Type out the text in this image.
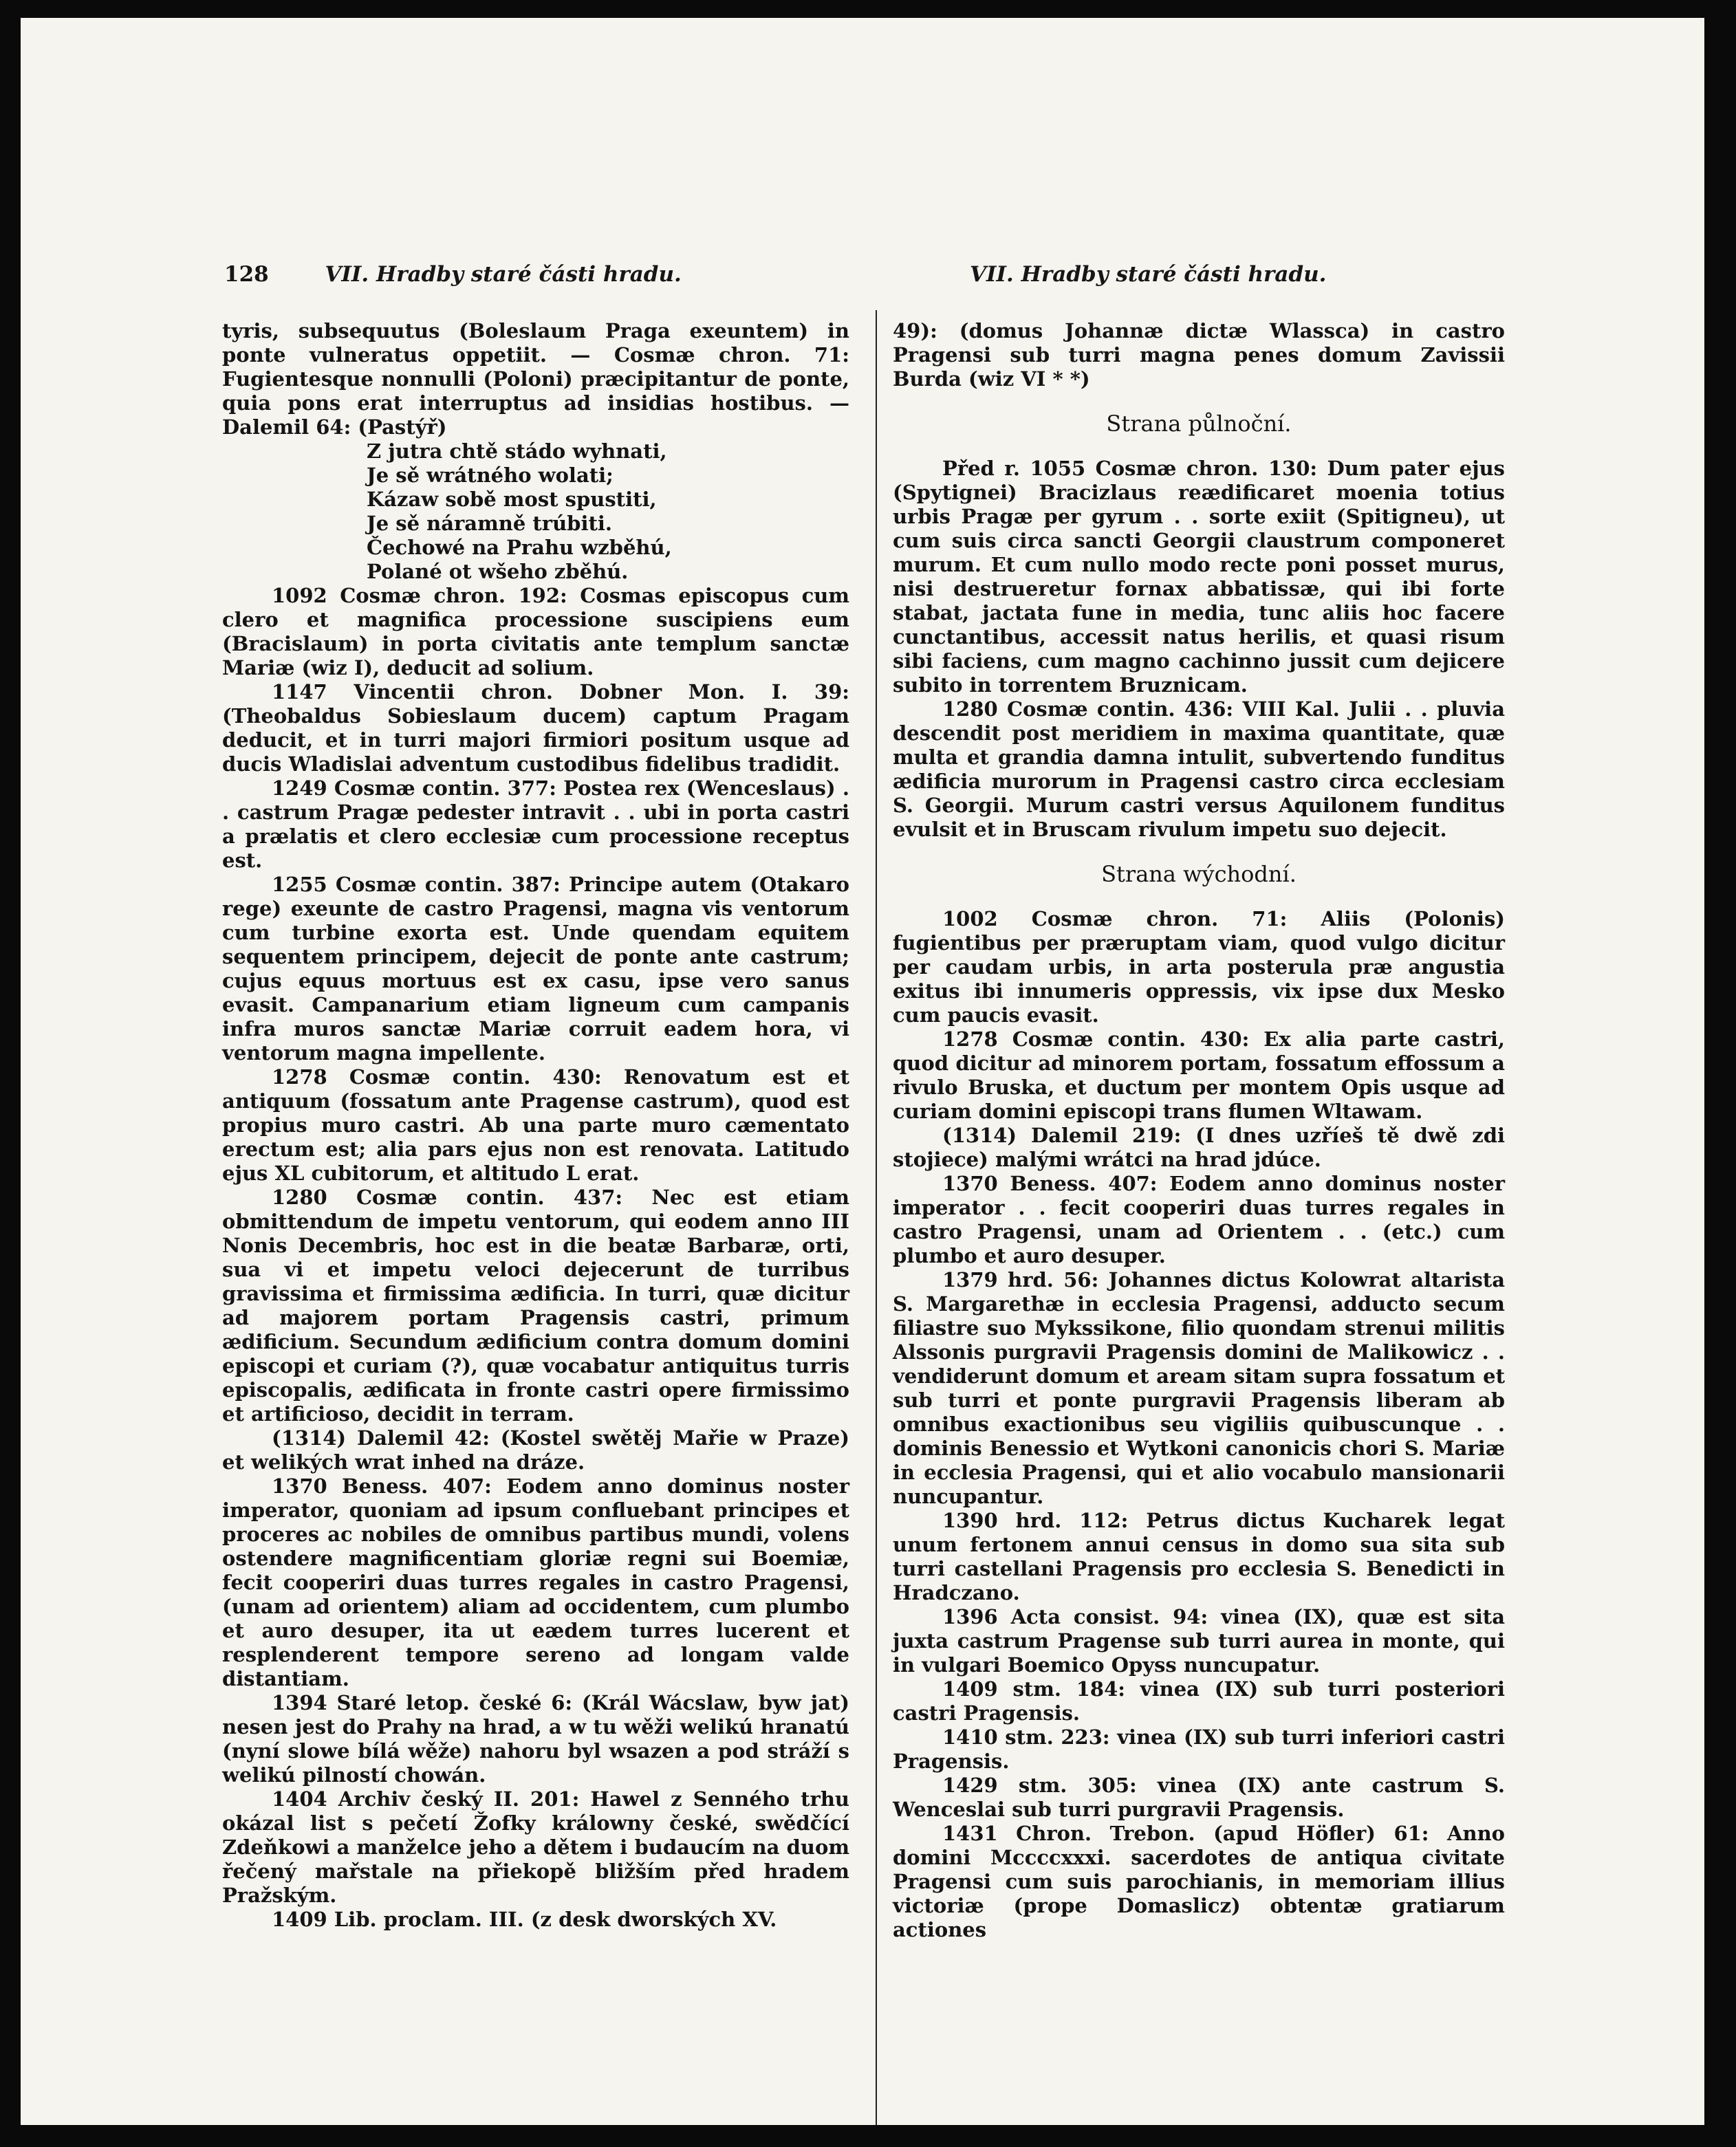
128	VII. Hradby staré části hradu.	VII. Hradby staré části hradu.

tyris, subsequutus (Boleslaum Praga exeuntem) in ponte vulneratus oppetiit. — Cosmæ chron. 71: Fugientesque nonnulli (Poloni) præcipitantur de ponte, quia pons erat interruptus ad insidias hostibus. — Dalemil 64: (Pastýř)

Z jutra chtě stádo wyhnati,
Je sě wrátného wolati;
Kázaw sobě most spustiti,
Je sě náramně trúbiti.
Čechowé na Prahu wzběhú,
Polané ot wšeho zběhú.

1092 Cosmæ chron. 192: Cosmas episcopus cum clero et magnifica processione suscipiens eum (Bracislaum) in porta civitatis ante templum sanctæ Mariæ (wiz I), deducit ad solium.

1147 Vincentii chron. Dobner Mon. I. 39: (Theobaldus Sobieslaum ducem) captum Pragam deducit, et in turri majori firmiori positum usque ad ducis Wladislai adventum custodibus fidelibus tradidit.

1249 Cosmæ contin. 377: Postea rex (Wenceslaus) . . castrum Pragæ pedester intravit . . ubi in porta castri a prælatis et clero ecclesiæ cum processione receptus est.

1255 Cosmæ contin. 387: Principe autem (Otakaro rege) exeunte de castro Pragensi, magna vis ventorum cum turbine exorta est. Unde quendam equitem sequentem principem, dejecit de ponte ante castrum; cujus equus mortuus est ex casu, ipse vero sanus evasit. Campanarium etiam ligneum cum campanis infra muros sanctæ Mariæ corruit eadem hora, vi ventorum magna impellente.

1278 Cosmæ contin. 430: Renovatum est et antiquum (fossatum ante Pragense castrum), quod est propius muro castri. Ab una parte muro cæmentato erectum est; alia pars ejus non est renovata. Latitudo ejus XL cubitorum, et altitudo L erat.

1280 Cosmæ contin. 437: Nec est etiam obmittendum de impetu ventorum, qui eodem anno III Nonis Decembris, hoc est in die beatæ Barbaræ, orti, sua vi et impetu veloci dejecerunt de turribus gravissima et firmissima ædificia. In turri, quæ dicitur ad majorem portam Pragensis castri, primum ædificium. Secundum ædificium contra domum domini episcopi et curiam (?), quæ vocabatur antiquitus turris episcopalis, ædificata in fronte castri opere firmissimo et artificioso, decidit in terram.

(1314) Dalemil 42: (Kostel swětěj Mařie w Praze) et welikých wrat inhed na dráze.

1370 Beness. 407: Eodem anno dominus noster imperator, quoniam ad ipsum confluebant principes et proceres ac nobiles de omnibus partibus mundi, volens ostendere magnificentiam gloriæ regni sui Boemiæ, fecit cooperiri duas turres regales in castro Pragensi, (unam ad orientem) aliam ad occidentem, cum plumbo et auro desuper, ita ut eædem turres lucerent et resplenderent tempore sereno ad longam valde distantiam.

1394 Staré letop. české 6: (Král Wácslaw, byw jat) nesen jest do Prahy na hrad, a w tu wěži welikú hranatú (nyní slowe bílá wěže) nahoru byl wsazen a pod stráží s welikú pilností chowán.

1404 Archiv český II. 201: Hawel z Senného trhu okázal list s pečetí Žofky králowny české, swědčící Zdeňkowi a manželce jeho a dětem i budaucím na duom řečený mařstale na přiekopě bližším před hradem Pražským.

1409 Lib. proclam. III. (z desk dworských XV.

49): (domus Johannæ dictæ Wlassca) in castro Pragensi sub turri magna penes domum Zavissii Burda (wiz VI * *)

Strana půlnoční.

Před r. 1055 Cosmæ chron. 130: Dum pater ejus (Spytignei) Bracizlaus reædificaret moenia totius urbis Pragæ per gyrum . . sorte exiit (Spitigneu), ut cum suis circa sancti Georgii claustrum componeret murum. Et cum nullo modo recte poni posset murus, nisi destrueretur fornax abbatissæ, qui ibi forte stabat, jactata fune in media, tunc aliis hoc facere cunctantibus, accessit natus herilis, et quasi risum sibi faciens, cum magno cachinno jussit cum dejicere subito in torrentem Bruznicam.

1280 Cosmæ contin. 436: VIII Kal. Julii . . pluvia descendit post meridiem in maxima quantitate, quæ multa et grandia damna intulit, subvertendo funditus ædificia murorum in Pragensi castro circa ecclesiam S. Georgii. Murum castri versus Aquilonem funditus evulsit et in Bruscam rivulum impetu suo dejecit.

Strana wýchodní.

1002 Cosmæ chron. 71: Aliis (Polonis) fugientibus per præruptam viam, quod vulgo dicitur per caudam urbis, in arta posterula præ angustia exitus ibi innumeris oppressis, vix ipse dux Mesko cum paucis evasit.

1278 Cosmæ contin. 430: Ex alia parte castri, quod dicitur ad minorem portam, fossatum effossum a rivulo Bruska, et ductum per montem Opis usque ad curiam domini episcopi trans flumen Wltawam.

(1314) Dalemil 219: (I dnes uzříeš tě dwě zdi stojiece) malými wrátci na hrad jdúce.

1370 Beness. 407: Eodem anno dominus noster imperator . . fecit cooperiri duas turres regales in castro Pragensi, unam ad Orientem . . (etc.) cum plumbo et auro desuper.

1379 hrd. 56: Johannes dictus Kolowrat altarista S. Margarethæ in ecclesia Pragensi, adducto secum filiastre suo Mykssikone, filio quondam strenui militis Alssonis purgravii Pragensis domini de Malikowicz . . vendiderunt domum et aream sitam supra fossatum et sub turri et ponte purgravii Pragensis liberam ab omnibus exactionibus seu vigiliis quibuscunque . . dominis Benessio et Wytkoni canonicis chori S. Mariæ in ecclesia Pragensi, qui et alio vocabulo mansionarii nuncupantur.

1390 hrd. 112: Petrus dictus Kucharek legat unum fertonem annui census in domo sua sita sub turri castellani Pragensis pro ecclesia S. Benedicti in Hradczano.

1396 Acta consist. 94: vinea (IX), quæ est sita juxta castrum Pragense sub turri aurea in monte, qui in vulgari Boemico Opyss nuncupatur.

1409 stm. 184: vinea (IX) sub turri posteriori castri Pragensis.

1410 stm. 223: vinea (IX) sub turri inferiori castri Pragensis.

1429 stm. 305: vinea (IX) ante castrum S. Wenceslai sub turri purgravii Pragensis.

1431 Chron. Trebon. (apud Höfler) 61: Anno domini Mccccxxxi. sacerdotes de antiqua civitate Pragensi cum suis parochianis, in memoriam illius victoriæ (prope Domaslicz) obtentæ gratiarum actiones
